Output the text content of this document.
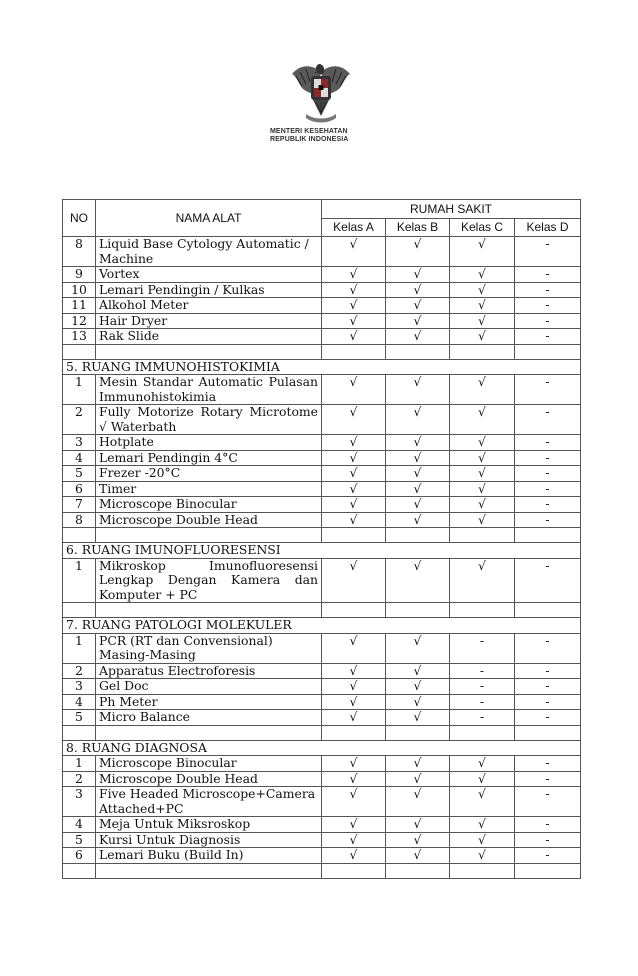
MENTERI KESEHATAN
REPUBLIK INDONESIA
NO	NAMA ALAT	RUMAH SAKIT			
		Kelas A	Kelas B	Kelas C	Kelas D
8	Liquid Base Cytology Automatic / Machine	√	√	√	-
9	Vortex	√	√	√	-
10	Lemari Pendingin / Kulkas	√	√	√	-
11	Alkohol Meter	√	√	√	-
12	Hair Dryer	√	√	√	-
13	Rak Slide	√	√	√	-

5. RUANG IMMUNOHISTOKIMIA					
1	Mesin Standar Automatic Pulasan Immunohistokimia	√	√	√	-
2	Fully Motorize Rotary Microtome √ Waterbath	√	√	√	-
3	Hotplate	√	√	√	-
4	Lemari Pendingin 4°C	√	√	√	-
5	Frezer -20°C	√	√	√	-
6	Timer	√	√	√	-
7	Microscope Binocular	√	√	√	-
8	Microscope Double Head	√	√	√	-

6. RUANG IMUNOFLUORESENSI					
1	Mikroskop Imunofluoresensi Lengkap Dengan Kamera dan Komputer + PC	√	√	√	-

7. RUANG PATOLOGI MOLEKULER					
1	PCR (RT dan Convensional) Masing-Masing	√	√	-	-
2	Apparatus Electroforesis	√	√	-	-
3	Gel Doc	√	√	-	-
4	Ph Meter	√	√	-	-
5	Micro Balance	√	√	-	-

8. RUANG DIAGNOSA					
1	Microscope Binocular	√	√	√	-
2	Microscope Double Head	√	√	√	-
3	Five Headed Microscope+Camera Attached+PC	√	√	√	-
4	Meja Untuk Miksroskop	√	√	√	-
5	Kursi Untuk Diagnosis	√	√	√	-
6	Lemari Buku (Build In)	√	√	√	-
